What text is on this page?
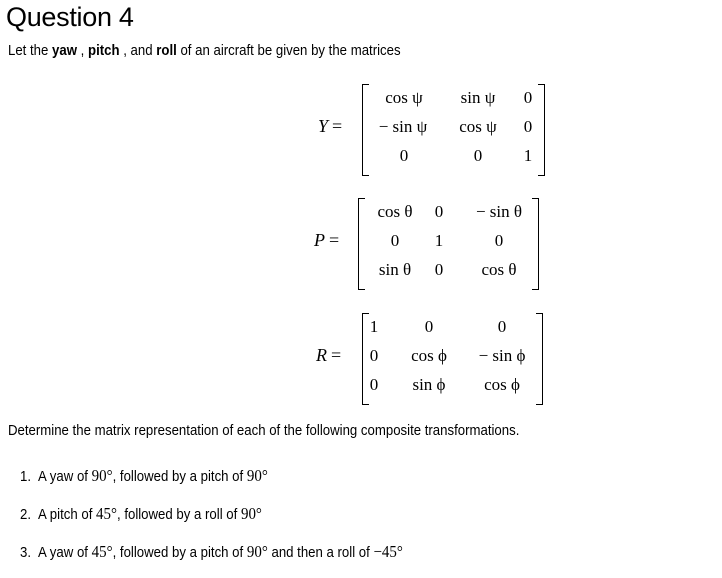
Question 4
Let the yaw , pitch , and roll of an aircraft be given by the matrices
Y =
cos ψ	sin ψ	0
− sin ψ	cos ψ	0
0	0	1
P =
cos θ	0	− sin θ
0	1	0
sin θ	0	cos θ
R =
1	0	0
0	cos ϕ	− sin ϕ
0	sin ϕ	cos ϕ
Determine the matrix representation of each of the following composite transformations.
1. A yaw of 90°, followed by a pitch of 90°
2. A pitch of 45°, followed by a roll of 90°
3. A yaw of 45°, followed by a pitch of 90° and then a roll of −45°
